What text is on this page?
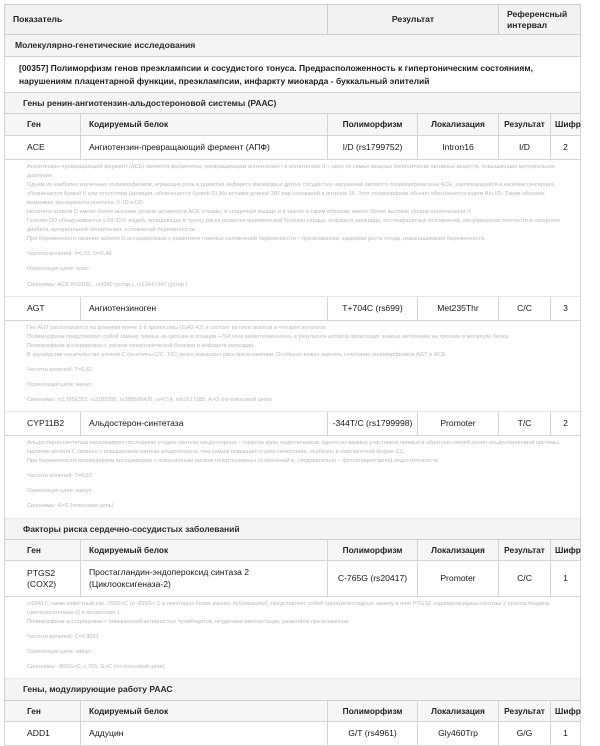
Показатель		Результат		Референсный интервал	
Молекулярно-генетические исследования					
[00357] Полиморфизм генов преэклампсии и сосудистого тонуса. Предрасположенность к гипертоническим состояниям, нарушениям плацентарной функции, преэклампсии, инфаркту миокарда - буккальный эпителий					
Гены ренин-ангиотензин-альдостероновой системы (РААС)					
Ген	Кодируемый белок	Полиморфизм	Локализация	Результат	Шифр
ACE	Ангиотензин-превращающий фермент (АПФ)	I/D (rs1799752)	Intron16	I/D	2

Ангиотензин-превращающий фермент (ACE) является ферментом, превращающим ангиотензин I в ангиотензин II – одно из самых мощных биологически активных веществ, повышающих артериальное давление.

Одним из наиболее изученных полиморфизмов, играющих роль в развитии инфаркта миокарда и других сосудистых нарушений является полиморфизм гена ACE, заключающийся в наличии (инсерция, обозначается буквой I) или отсутствии (делеция, обозначается буквой D) Alu-вставки длиной 287 пар оснований в интроне 16. Этот полиморфизм обычно обозначается кодом Alu I/D. Таким образом, возможны три варианта генотипа: II, ID и DD.

Носители аллеля D имеют более высокие уровни активности ACE плазмы, в сердечной мышце и в тканях и таким образом, имеют более высокие уровни ангиотензина II.

Генотип DD обнаруживается у 28-31% людей, попадающих в группу риска развития ишемической болезни сердца, инфаркта миокарда, постинфарктных осложнений, инсулинорезистентности и сахарного диабета, артериальной гипертензии, осложнений беременности.

При беременности наличие аллеля D ассоциировано с развитием тяжелых осложнений беременности – преэклампсии, задержки роста плода, невынашивания беременности.

Частота аллелей: I=0,52, D=0,48

Ориентация цепи: плюс

Синонимы: ACE INS/DEL, rs4340 (устар.), rs13447447 (устар.)

AGT	Ангиотензиноген	T+704C (rs699)	Met235Thr	C/C	3

Ген AGT располагается на длинном плече 1-й хромосомы (1q42-43) и состоит из пяти экзонов и четырех интронов.

Полиморфизм представляет собой замену тимина на цитозин в позиции +704 гена ангиотензиногена, в результате которой происходит замена метионина на треонин в молекуле белка.

Полиморфизм ассоциирован с риском гипертонической болезни и инфаркта миокарда.

В акушерстве носительство аллеля С (генотипы С/С, Т/С) резко повышает риск преэклампсии. Особенно важно оценить сочетание полиморфизмов AGT и ACE.

Частота аллелей: T=0,52

Ориентация цепи: минус

Синонимы: rs17856353, rs3182295, rs388606420, rs4714, rs61617185, A>G (по плюсовой цепи)

CYP11B2	Альдостерон-синтетаза	-344T/C (rs1799998)	Promoter	T/C	2

Альдостерон-синтетаза катализирует последнюю стадию синтеза альдостерона – гормона коры надпочечников, одного из важных участников прямых и обратных связей ренин-альдостероновой системы.

Наличие аллеля С связано с повышением синтеза альдостерона, тем самым повышается риск гипертонии, особенно в гомозиготной форме СС.

При беременности полиморфизм ассоциирован с повышенным риском гипертензивных осложнений и, следовательно – фетоплацентарной недостаточности.

Частота аллелей: T=0,57

Ориентация цепи: минус

Синонимы: A>G (плюсовая цепь)

Факторы риска сердечно-сосудистых заболеваний					
Ген	Кодируемый белок	Полиморфизм	Локализация	Результат	Шифр
PTGS2 (COX2)	Простагландин-эндопероксид синтаза 2 (Циклооксигеназа-2)	C-765G (rs20417)	Promoter	C/C	1

rs20417, также известный как -765G>C (и -899G> C в некоторых более ранних публикациях), представляет собой однонуклеотидную замену в гене PTGS2 эндопероксидазы синтазы 2 простагландина (циклооксигеназы-2) в хромосоме 1.

Полиморфизм ассоциирован с повышенной активностью тромбоцитов, неудачами имплантации, развитием преэклампсии.

Частота аллелей: C=0.8021

Ориентация цепи: минус

Синонимы: -899G>C, c.765, G>C (по плюсовой цепи)					

Гены, модулирующие работу РААС					
Ген	Кодируемый белок	Полиморфизм	Локализация	Результат	Шифр
ADD1	Аддуцин	G/T (rs4961)	Gly460Trp	G/G	1
